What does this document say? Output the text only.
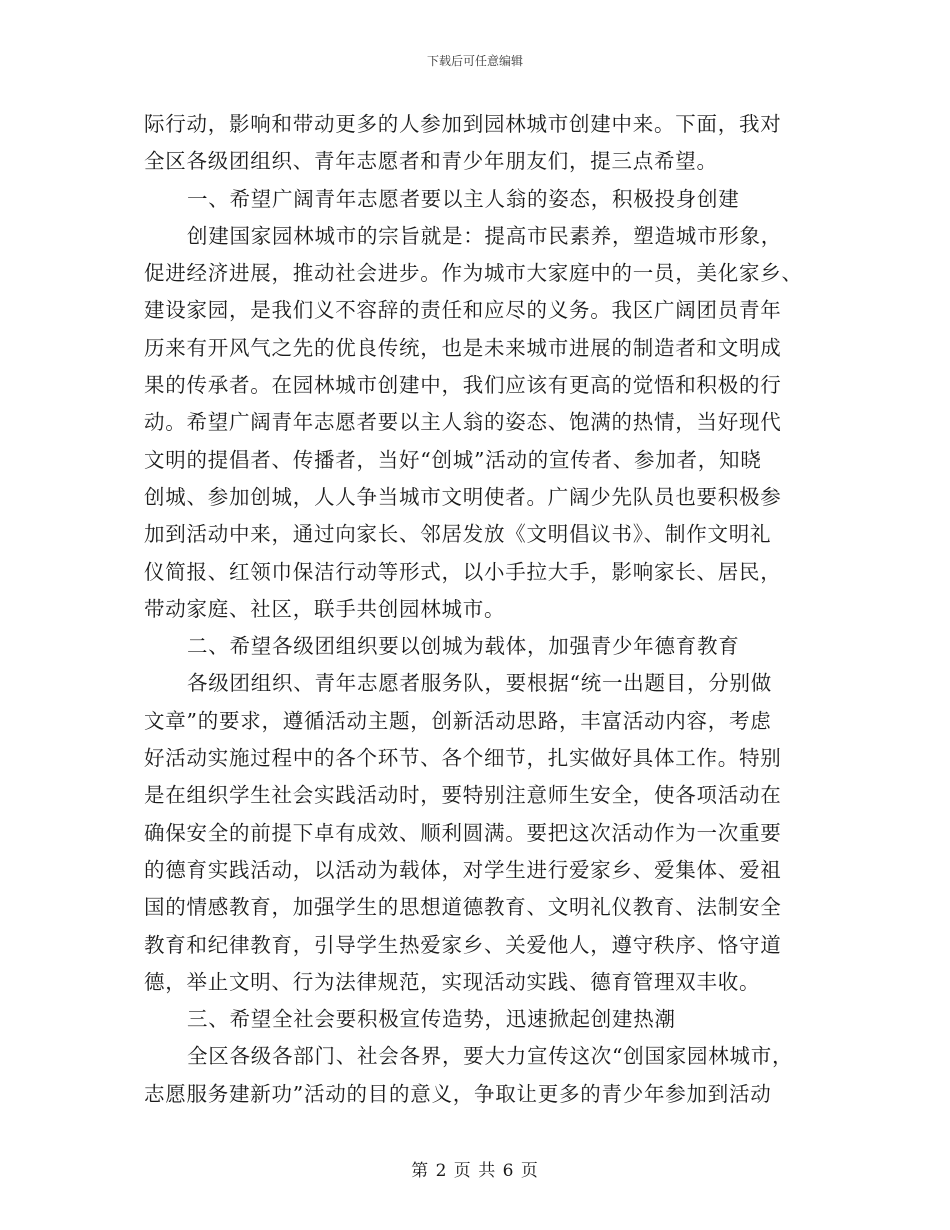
下载后可任意编辑
际行动，影响和带动更多的人参加到园林城市创建中来。下面，我对
全区各级团组织、青年志愿者和青少年朋友们，提三点希望。
一、希望广阔青年志愿者要以主人翁的姿态，积极投身创建
创建国家园林城市的宗旨就是：提高市民素养，塑造城市形象，
促进经济进展，推动社会进步。作为城市大家庭中的一员，美化家乡、
建设家园，是我们义不容辞的责任和应尽的义务。我区广阔团员青年
历来有开风气之先的优良传统，也是未来城市进展的制造者和文明成
果的传承者。在园林城市创建中，我们应该有更高的觉悟和积极的行
动。希望广阔青年志愿者要以主人翁的姿态、饱满的热情，当好现代
文明的提倡者、传播者，当好“创城”活动的宣传者、参加者，知晓
创城、参加创城，人人争当城市文明使者。广阔少先队员也要积极参
加到活动中来，通过向家长、邻居发放《文明倡议书》、制作文明礼
仪简报、红领巾保洁行动等形式，以小手拉大手，影响家长、居民，
带动家庭、社区，联手共创园林城市。
二、希望各级团组织要以创城为载体，加强青少年德育教育
各级团组织、青年志愿者服务队，要根据“统一出题目，分别做
文章”的要求，遵循活动主题，创新活动思路，丰富活动内容，考虑
好活动实施过程中的各个环节、各个细节，扎实做好具体工作。特别
是在组织学生社会实践活动时，要特别注意师生安全，使各项活动在
确保安全的前提下卓有成效、顺利圆满。要把这次活动作为一次重要
的德育实践活动，以活动为载体，对学生进行爱家乡、爱集体、爱祖
国的情感教育，加强学生的思想道德教育、文明礼仪教育、法制安全
教育和纪律教育，引导学生热爱家乡、关爱他人，遵守秩序、恪守道
德，举止文明、行为法律规范，实现活动实践、德育管理双丰收。
三、希望全社会要积极宣传造势，迅速掀起创建热潮
全区各级各部门、社会各界，要大力宣传这次“创国家园林城市，
志愿服务建新功”活动的目的意义，争取让更多的青少年参加到活动
第 2 页 共 6 页
